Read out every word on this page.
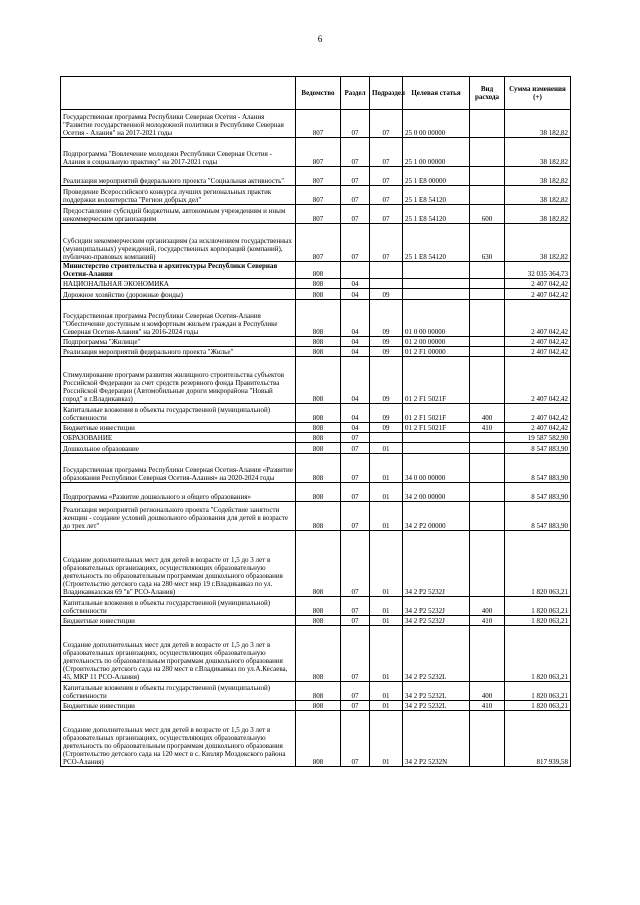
6
	Ведомство	Раздел	Подраздел	Целевая статья	Вид расхода	Сумма изменения (+)
Государственная программа Республики Северная Осетия - Алания "Развитие государственной молодежной политики в Республике Северная Осетия - Алания" на 2017-2021 годы	807	07	07	25 0 00 00000		38 182,82
Подпрограмма "Вовлечение молодежи Республики Северная Осетия - Алания в социальную практику" на 2017-2021 годы	807	07	07	25 1 00 00000		38 182,82
Реализация мероприятий федерального проекта "Социальная активность"	807	07	07	25 1 E8 00000		38 182,82
Проведение Всероссийского конкурса лучших региональных практик поддержки волонтерства "Регион добрых дел"	807	07	07	25 1 E8 54120		38 182,82
Предоставление субсидий бюджетным, автономным учреждениям и иным некоммерческим организациям	807	07	07	25 1 E8 54120	600	38 182,82
Субсидии некоммерческим организациям (за исключением государственных (муниципальных) учреждений, государственных корпораций (компаний), публично-правовых компаний)	807	07	07	25 1 E8 54120	630	38 182,82
Министерство строительства и архитектуры Республики Северная Осетия-Алания	808					32 035 364,73
НАЦИОНАЛЬНАЯ ЭКОНОМИКА	808	04				2 407 042,42
Дорожное хозяйство (дорожные фонды)	808	04	09			2 407 042,42
Государственная программа Республики Северная Осетия-Алания "Обеспечение доступным и комфортным жильем граждан в Республике Северная Осетия-Алания" на 2016-2024 годы	808	04	09	01 0 00 00000		2 407 042,42
Подпрограмма "Жилище"	808	04	09	01 2 00 00000		2 407 042,42
Реализация мероприятий федерального проекта "Жилье"	808	04	09	01 2 F1 00000		2 407 042,42
Стимулирование программ развития жилищного строительства субъектов Российской Федерации за счет средств резервного фонда Правительства Российской Федерации (Автомобильные дороги микрорайона "Новый город" в г.Владикавказ)	808	04	09	01 2 F1 5021F		2 407 042,42
Капитальные вложения в объекты государственной (муниципальной) собственности	808	04	09	01 2 F1 5021F	400	2 407 042,42
Бюджетные инвестиции	808	04	09	01 2 F1 5021F	410	2 407 042,42
ОБРАЗОВАНИЕ	808	07				19 587 582,90
Дошкольное образование	808	07	01			8 547 883,90
Государственная программа Республики Северная Осетия-Алания «Развитие образования Республики Северная Осетия-Алания» на 2020-2024 годы	808	07	01	34 0 00 00000		8 547 883,90
Подпрограмма «Развитие дошкольного и общего образования»	808	07	01	34 2 00 00000		8 547 883,90
Реализация мероприятий регионального проекта "Содействие занятости женщин - создание условий дошкольного образования для детей в возрасте до трех лет"	808	07	01	34 2 P2 00000		8 547 883,90
Создание дополнительных мест для детей в возрасте от 1,5 до 3 лет в образовательных организациях, осуществляющих образовательную деятельность по образовательным программам дошкольного образования (Строительство детского сада на 280 мест мкр 19 г.Владикавказ по ул. Владикавказская 69 "в" РСО-Алания)	808	07	01	34 2 P2 5232J		1 820 063,21
Капитальные вложения в объекты государственной (муниципальной) собственности	808	07	01	34 2 P2 5232J	400	1 820 063,21
Бюджетные инвестиции	808	07	01	34 2 P2 5232J	410	1 820 063,21
Создание дополнительных мест для детей в возрасте от 1,5 до 3 лет в образовательных организациях, осуществляющих образовательную деятельность по образовательным программам дошкольного образования (Строительство детского сада на 280 мест в г.Владикавказ по ул.А.Кесаева, 45, МКР 11 РСО-Алания)	808	07	01	34 2 P2 5232L		1 820 063,21
Капитальные вложения в объекты государственной (муниципальной) собственности	808	07	01	34 2 P2 5232L	400	1 820 063,21
Бюджетные инвестиции	808	07	01	34 2 P2 5232L	410	1 820 063,21
Создание дополнительных мест для детей в возрасте от 1,5 до 3 лет в образовательных организациях, осуществляющих образовательную деятельность по образовательным программам дошкольного образования (Строительство детского сада на 120 мест в с. Кизляр Моздокского района РСО-Алания)	808	07	01	34 2 P2 5232N		817 939,58
